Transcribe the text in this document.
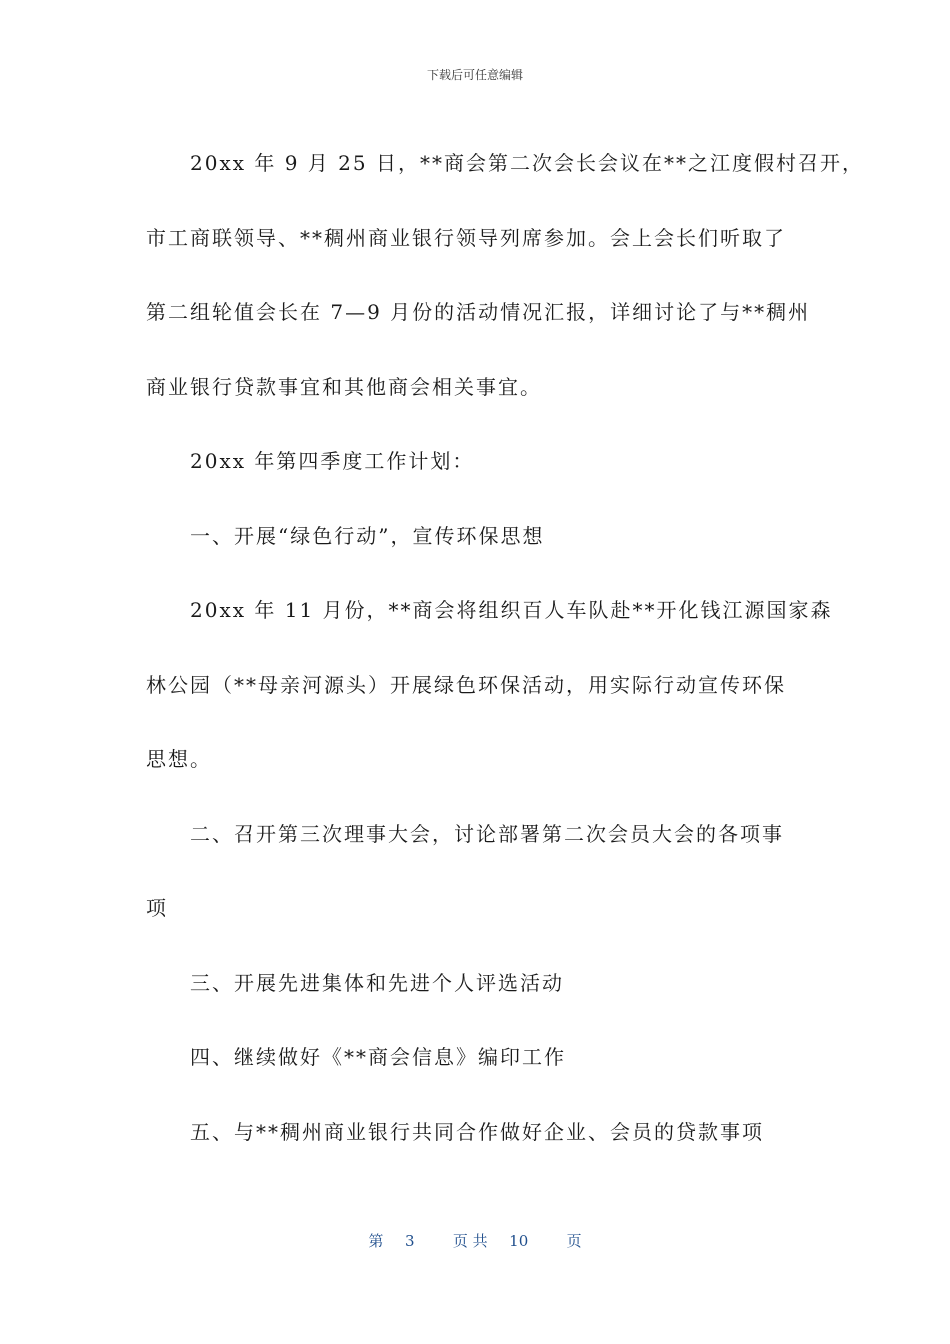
下载后可任意编辑

20xx 年 9 月 25 日，**商会第二次会长会议在**之江度假村召开，

市工商联领导、**稠州商业银行领导列席参加。会上会长们听取了

第二组轮值会长在 7—9 月份的活动情况汇报，详细讨论了与**稠州

商业银行贷款事宜和其他商会相关事宜。

20xx 年第四季度工作计划：

一、开展“绿色行动”，宣传环保思想

20xx 年 11 月份，**商会将组织百人车队赴**开化钱江源国家森

林公园（**母亲河源头）开展绿色环保活动，用实际行动宣传环保

思想。

二、召开第三次理事大会，讨论部署第二次会员大会的各项事

项

三、开展先进集体和先进个人评选活动

四、继续做好《**商会信息》编印工作

五、与**稠州商业银行共同合作做好企业、会员的贷款事项

第 3	页 共 10	页
